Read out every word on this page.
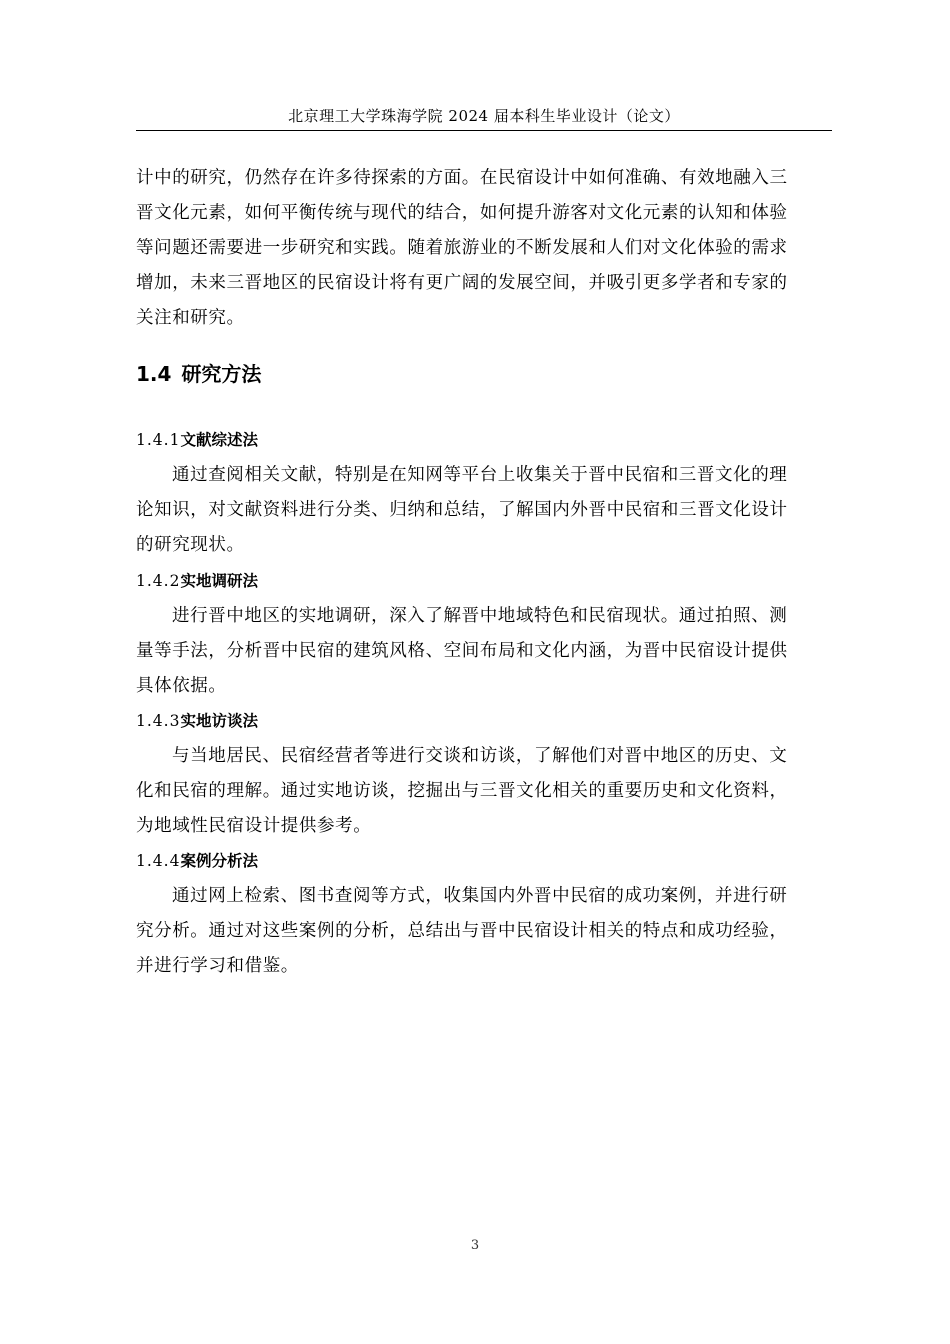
北京理工大学珠海学院 2024 届本科生毕业设计（论文）
计中的研究，仍然存在许多待探索的方面。在民宿设计中如何准确、有效地融入三
晋文化元素，如何平衡传统与现代的结合，如何提升游客对文化元素的认知和体验
等问题还需要进一步研究和实践。随着旅游业的不断发展和人们对文化体验的需求
增加，未来三晋地区的民宿设计将有更广阔的发展空间，并吸引更多学者和专家的
关注和研究。
1.4 研究方法
1.4.1文献综述法
通过查阅相关文献，特别是在知网等平台上收集关于晋中民宿和三晋文化的理
论知识，对文献资料进行分类、归纳和总结，了解国内外晋中民宿和三晋文化设计
的研究现状。
1.4.2实地调研法
进行晋中地区的实地调研，深入了解晋中地域特色和民宿现状。通过拍照、测
量等手法，分析晋中民宿的建筑风格、空间布局和文化内涵，为晋中民宿设计提供
具体依据。
1.4.3实地访谈法
与当地居民、民宿经营者等进行交谈和访谈，了解他们对晋中地区的历史、文
化和民宿的理解。通过实地访谈，挖掘出与三晋文化相关的重要历史和文化资料，
为地域性民宿设计提供参考。
1.4.4案例分析法
通过网上检索、图书查阅等方式，收集国内外晋中民宿的成功案例，并进行研
究分析。通过对这些案例的分析，总结出与晋中民宿设计相关的特点和成功经验，
并进行学习和借鉴。
3
